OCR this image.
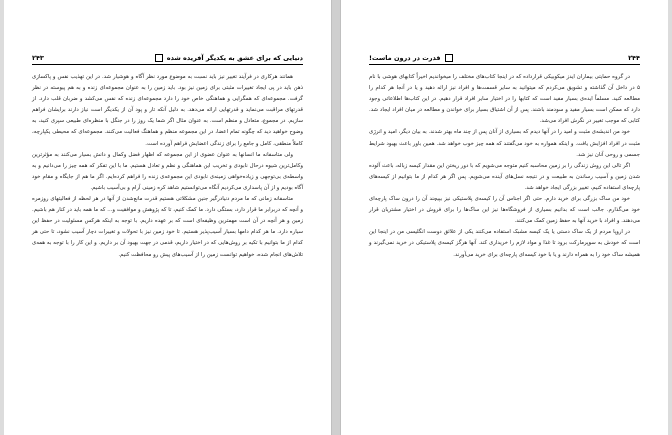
دنیایی که برای عشق به یکدیگر آفریده شده
۲۴۳

همانند هرکاری در فرآیند تغییر نیز باید نسبت به موضوع مورد نظر آگاه و هوشیار شد. در این تهذیب نفس و پاکسازی ذهن باید در پی ایجاد تغییرات مثبتی برای زمین نیز بود. باید زمین را به عنوان مجموعه‌ای زنده و به هم پیوسته در نظر گرفت. مجموعه‌ای که همگرایی و هماهنگی خاص خود را دارد مجموعه‌ای زنده که نفس می‌کشد و ضربان قلب دارد. از قدرتهای مراقبت می‌نماید و قدرتهایی ارائه ‌می‌دهد. به دلیل آنکه تار و پود آن از یکدیگر است نیاز دارند برایشان فراهم سازیم. در مجموع، متعادل و منظم است. به عنوان مثال اگر شما یک روز را در جنگل با منظره‌ای طبیعی سپری کنید، به وضوح خواهید دید که چگونه تمام اعضا، در این مجموعه منظم و هماهنگ فعالیت می‌کنند. مجموعه‌ای که محیطی یکپارچه، کاملاً منطقی، کامل و جامع را برای زندگی اعضایش فراهم آورده است.

ولی متاسفانه ما انسانها به عنوان عضوی از این مجموعه که اظهار فضل وکمال و دانش بسیار می‌کنند به مؤثرترین وکامل‌ترین شیوه درحال نابودی و تخریب این هماهنگی و نظم و تعادل هستیم. ما با این تفکر که همه چیز را می‌دانیم و به واسطه‌ی بی‌توجهی و زیاده‌خواهی زمینه‌ی نابودی این مجموعه‌ی زنده را فراهم کرده‌ایم. اگر ما هم از جایگاه و مقام خود آگاه بودیم و از آن پاسداری می‌کردیم آنگاه می‌توانستیم شاهد کره زمینی آرام و بی‌آسیب باشیم.

متاسفانه زمانی که ما مردم دنیادرگیر جنین مشکلاتی هستیم قدرت مانع‌شدن از آنها در هر لحظه از فعالیتهای روزمره و آنچه که دربرابر ما قرار دارد، بستگی دارد. ما کمک کنیم، تا که پژوهش و موافقیت و... که ما همه باید در کنار هم باشیم. زمین و هر آنچه در آن است مهمترین وظیفه‌ای است که بر عهده داریم. با توجه به اینکه هرکس مسئولیت در حفظ این سیاره دارد. ما هر کدام دامها بسیار آسیب‌پذیر هستیم. تا خود زمین نیز با تحولات و تغییرات دچار آسیب نشود، تا حتی هر کدام از ما بتوانیم با تکیه بر روش‌هایی که در اختیار داریم، قدمی در جهت بهبود آن بر داریم. و این کار را با توجه به همه‌ی تلاش‌های انجام شده، خواهیم توانست زمین را از آسیب‌های پیش رو محافظت کنیم.

۲۴۴
قدرت در درون ماست!

در گروه حمایتی بیماران ایدز میکوبیکی قرارداده که در اینجا کتاب‌های مختلف را میخواندیم اخیراً کتابهای هوشی با نام ۵ در داخل آن گذاشته و تشویق می‌کردم که میتوانید به سایر قسمت‌ها و افراد نیز ارائه دهید و یا در آنجا هر کدام را مطالعه کنید. مسلماً ایده‌ی بسیار مفید است که کتابها را در اختیار سایر افراد قرار دهیم. در این کتاب‌ها اطلاعاتی وجود دارد که ممکن است بسیار مفید و سودمند باشند. پس از آن اشتیاق بسیار برای خواندن و مطالعه در میان افراد ایجاد شد. کتابی که موجب تغییر در نگرش افراد می‌شد.

خود من اندیشه‌ی مثبت و امید را در آنها دیدم که بسیاری از آنان پس از چند ماه بهتر شدند. به بیان دیگر، امید و انرژی مثبت در افراد افزایش یافت. و اینکه همواره به خود می‌گفتند که همه چیز خوب خواهد شد. همین باور باعث بهبود شرایط جسمی و روحی آنان نیز شد.

اگر تالی این روش زندگی را بر زمین محاسبه کنیم متوجه می‌شویم که با دور ریختن این مقدار کیسه زباله، باعث آلوده شدن زمین و آسیب رساندن به طبیعت و در نتیجه نسل‌های آینده می‌شویم. پس اگر هر کدام از ما بتوانیم از کیسه‌های پارچه‌ای استفاده کنیم، تغییر بزرگی ایجاد خواهد شد.

خود من ساک بزرگی برای خرید دارم. حتی اگر اجناس آن را کیسه‌ی پلاستیکی نیز بپیچند آن را درون ساک پارچه‌ای خود می‌گذارم. جالب است که بدانیم بسیاری از فروشگاه‌ها نیز این ساک‌ها را برای فروش در اختیار مشتریان قرار می‌دهند. و افراد با خرید آنها به حفظ زمین کمک می‌کنند.

در اروپا مردم از یک ساک دستی یا یک کیسه مشبک استفاده می‌کنند یکی از علائق دوست انگلیسی من در اینجا این است که خودش به سوپرمارکت برود تا غذا و مواد لازم را خریداری کند. آنها هرگز کیسه‌ی پلاستیکی در خرید نمی‌گیرند و همیشه ساک خود را به همراه دارند و یا با خود کیسه‌ای پارچه‌ای برای خرید می‌آورند.
